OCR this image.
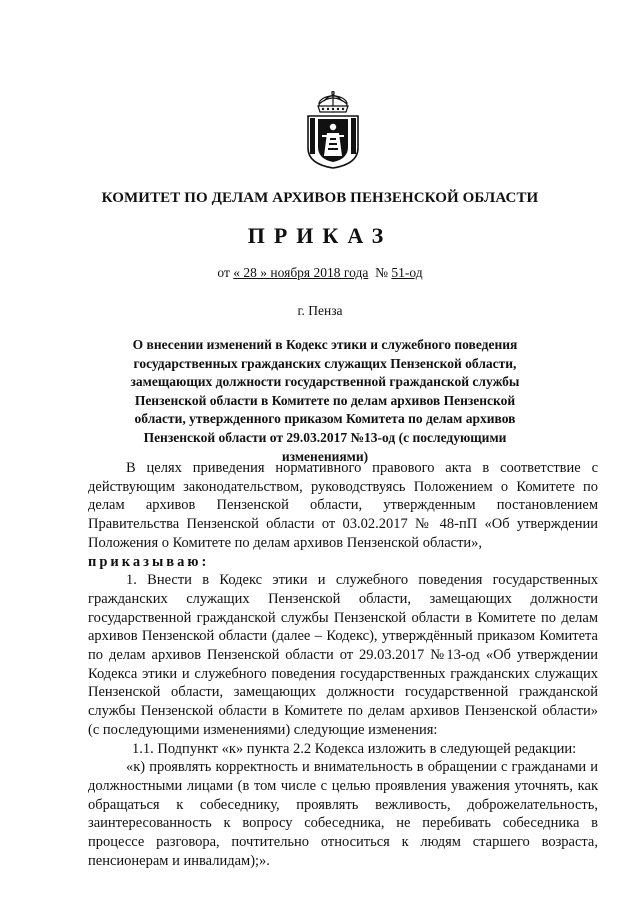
КОМИТЕТ ПО ДЕЛАМ АРХИВОВ ПЕНЗЕНСКОЙ ОБЛАСТИ
ПРИКАЗ
от « 28 » ноября 2018 года № 51-од
г. Пенза
О внесении изменений в Кодекс этики и служебного поведения государственных гражданских служащих Пензенской области, замещающих должности государственной гражданской службы Пензенской области в Комитете по делам архивов Пензенской области, утвержденного приказом Комитета по делам архивов Пензенской области от 29.03.2017 №13-од (с последующими изменениями)

В целях приведения нормативного правового акта в соответствие с действующим законодательством, руководствуясь Положением о Комитете по делам архивов Пензенской области, утвержденным постановлением Правительства Пензенской области от 03.02.2017 № 48-пП «Об утверждении Положения о Комитете по делам архивов Пензенской области»,

приказываю:

1. Внести в Кодекс этики и служебного поведения государственных гражданских служащих Пензенской области, замещающих должности государственной гражданской службы Пензенской области в Комитете по делам архивов Пензенской области (далее – Кодекс), утверждённый приказом Комитета по делам архивов Пензенской области от 29.03.2017 №13-од «Об утверждении Кодекса этики и служебного поведения государственных гражданских служащих Пензенской области, замещающих должности государственной гражданской службы Пензенской области в Комитете по делам архивов Пензенской области» (с последующими изменениями) следующие изменения:

1.1. Подпункт «к» пункта 2.2 Кодекса изложить в следующей редакции:

«к) проявлять корректность и внимательность в обращении с гражданами и должностными лицами (в том числе с целью проявления уважения уточнять, как обращаться к собеседнику, проявлять вежливость, доброжелательность, заинтересованность к вопросу собеседника, не перебивать собеседника в процессе разговора, почтительно относиться к людям старшего возраста, пенсионерам и инвалидам);».
